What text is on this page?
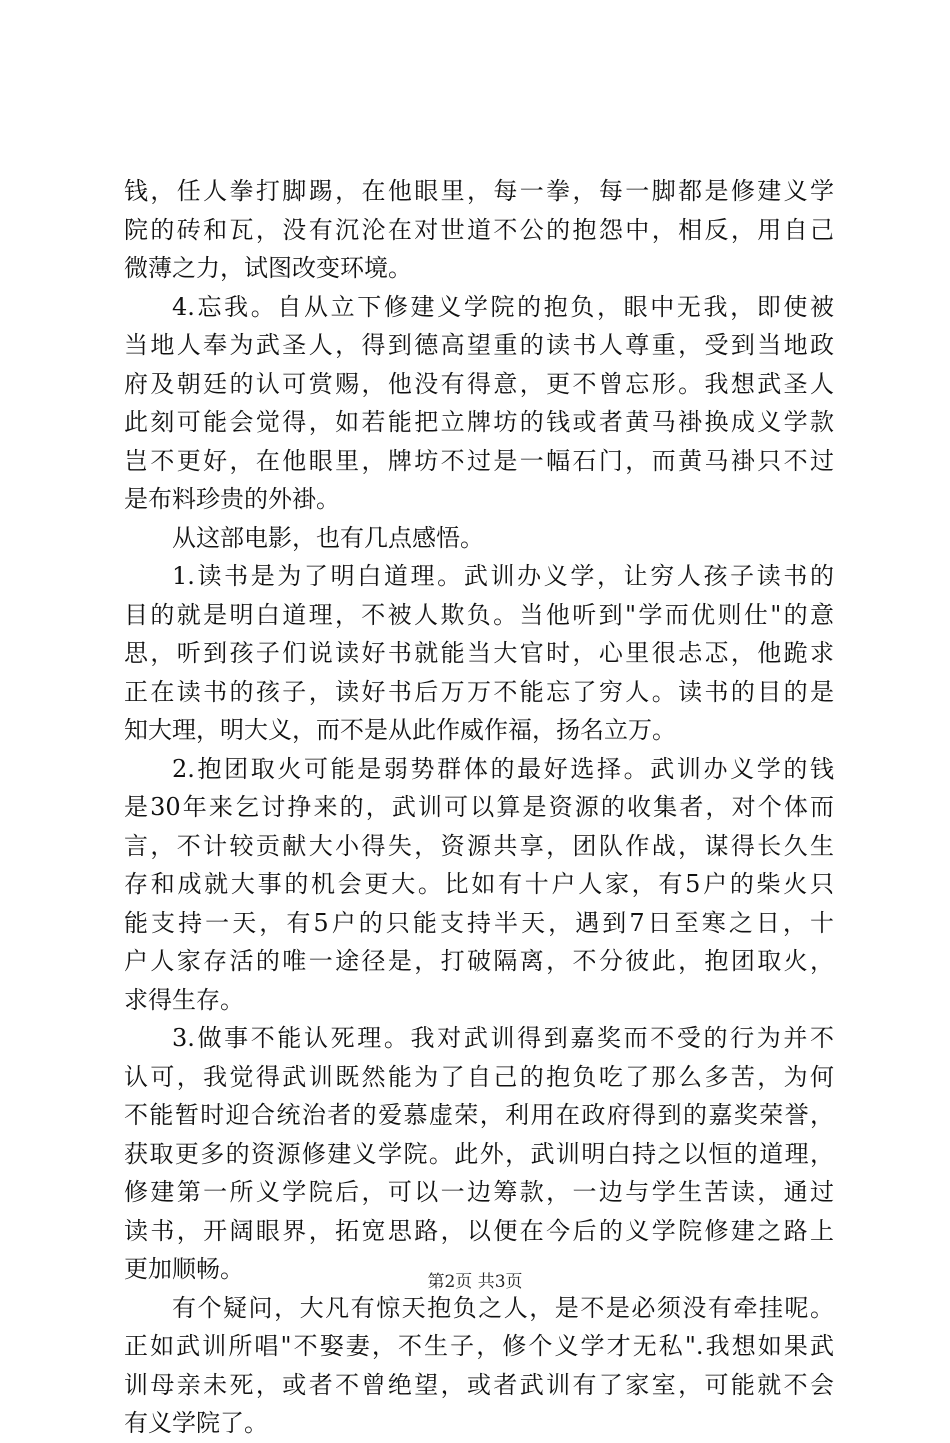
钱，任人拳打脚踢，在他眼里，每一拳，每一脚都是修建义学
院的砖和瓦，没有沉沦在对世道不公的抱怨中，相反，用自己
微薄之力，试图改变环境。
4.忘我。自从立下修建义学院的抱负，眼中无我，即使被
当地人奉为武圣人，得到德高望重的读书人尊重，受到当地政
府及朝廷的认可赏赐，他没有得意，更不曾忘形。我想武圣人
此刻可能会觉得，如若能把立牌坊的钱或者黄马褂换成义学款
岂不更好，在他眼里，牌坊不过是一幅石门，而黄马褂只不过
是布料珍贵的外褂。
从这部电影，也有几点感悟。
1.读书是为了明白道理。武训办义学，让穷人孩子读书的
目的就是明白道理，不被人欺负。当他听到"学而优则仕"的意
思，听到孩子们说读好书就能当大官时，心里很忐忑，他跪求
正在读书的孩子，读好书后万万不能忘了穷人。读书的目的是
知大理，明大义，而不是从此作威作福，扬名立万。
2.抱团取火可能是弱势群体的最好选择。武训办义学的钱
是30年来乞讨挣来的，武训可以算是资源的收集者，对个体而
言，不计较贡献大小得失，资源共享，团队作战，谋得长久生
存和成就大事的机会更大。比如有十户人家，有5户的柴火只
能支持一天，有5户的只能支持半天，遇到7日至寒之日，十
户人家存活的唯一途径是，打破隔离，不分彼此，抱团取火，
求得生存。
3.做事不能认死理。我对武训得到嘉奖而不受的行为并不
认可，我觉得武训既然能为了自己的抱负吃了那么多苦，为何
不能暂时迎合统治者的爱慕虚荣，利用在政府得到的嘉奖荣誉，
获取更多的资源修建义学院。此外，武训明白持之以恒的道理，
修建第一所义学院后，可以一边筹款，一边与学生苦读，通过
读书，开阔眼界，拓宽思路，以便在今后的义学院修建之路上
更加顺畅。
有个疑问，大凡有惊天抱负之人，是不是必须没有牵挂呢。
正如武训所唱"不娶妻，不生子，修个义学才无私".我想如果武
训母亲未死，或者不曾绝望，或者武训有了家室，可能就不会
有义学院了。
第2页 共3页
